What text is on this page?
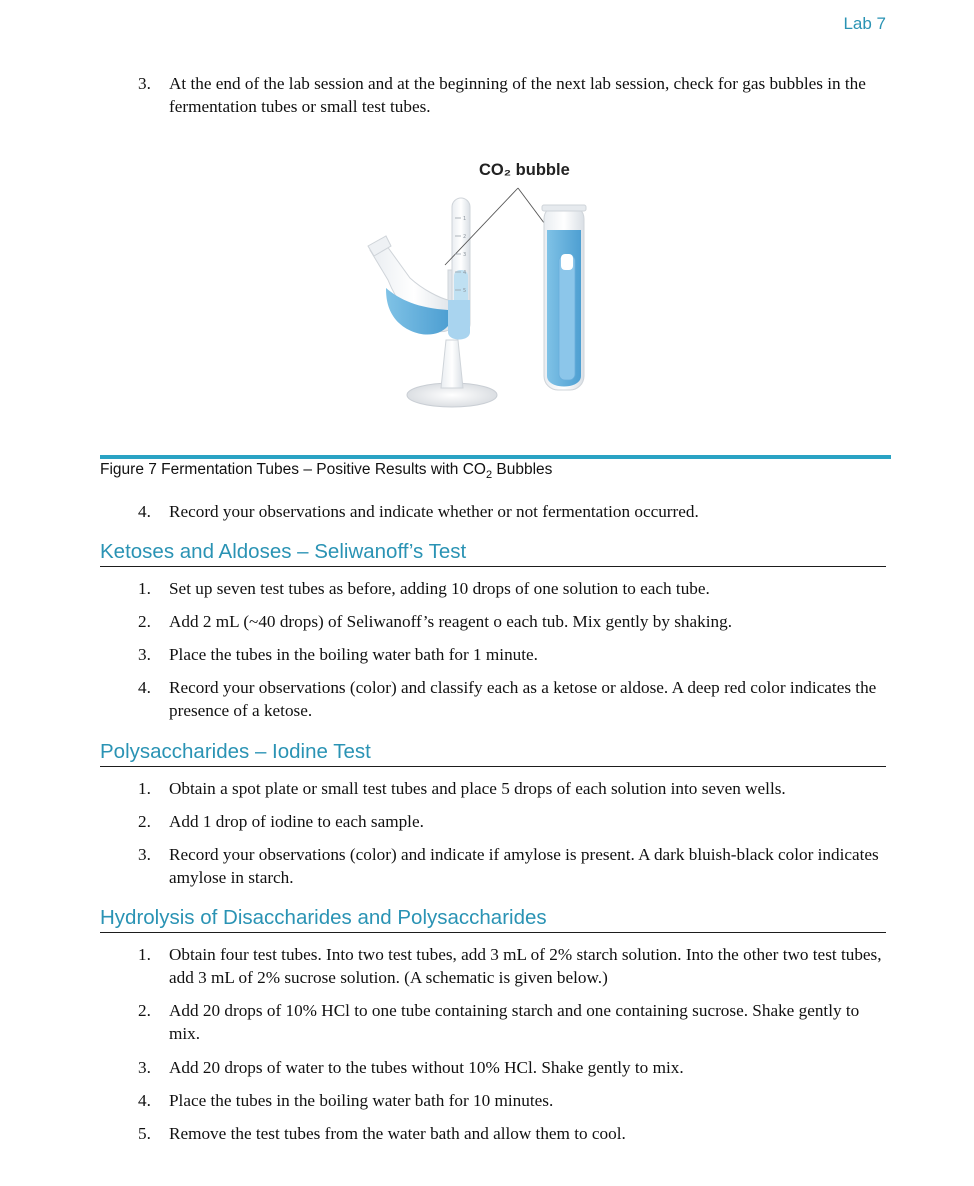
Lab 7
3.	At the end of the lab session and at the beginning of the next lab session, check for gas bubbles in the fermentation tubes or small test tubes.
1
2
3
4
5
CO₂ bubble
Figure 7 Fermentation Tubes – Positive Results with $CO_2$ Bubbles
4.	Record your observations and indicate whether or not fermentation occurred.
Ketoses and Aldoses – Seliwanoff’s Test
1.	Set up seven test tubes as before, adding 10 drops of one solution to each tube.
2.	Add 2 mL (~40 drops) of Seliwanoff’s reagent o each tub. Mix gently by shaking.
3.	Place the tubes in the boiling water bath for 1 minute.
4.	Record your observations (color) and classify each as a ketose or aldose. A deep red color indicates the presence of a ketose.
Polysaccharides – Iodine Test
1.	Obtain a spot plate or small test tubes and place 5 drops of each solution into seven wells.
2.	Add 1 drop of iodine to each sample.
3.	Record your observations (color) and indicate if amylose is present. A dark bluish-black color indicates amylose in starch.
Hydrolysis of Disaccharides and Polysaccharides
1.	Obtain four test tubes. Into two test tubes, add 3 mL of 2% starch solution. Into the other two test tubes, add 3 mL of 2% sucrose solution. (A schematic is given below.)
2.	Add 20 drops of 10% HCl to one tube containing starch and one containing sucrose. Shake gently to mix.
3.	Add 20 drops of water to the tubes without 10% HCl. Shake gently to mix.
4.	Place the tubes in the boiling water bath for 10 minutes.
5.	Remove the test tubes from the water bath and allow them to cool.
